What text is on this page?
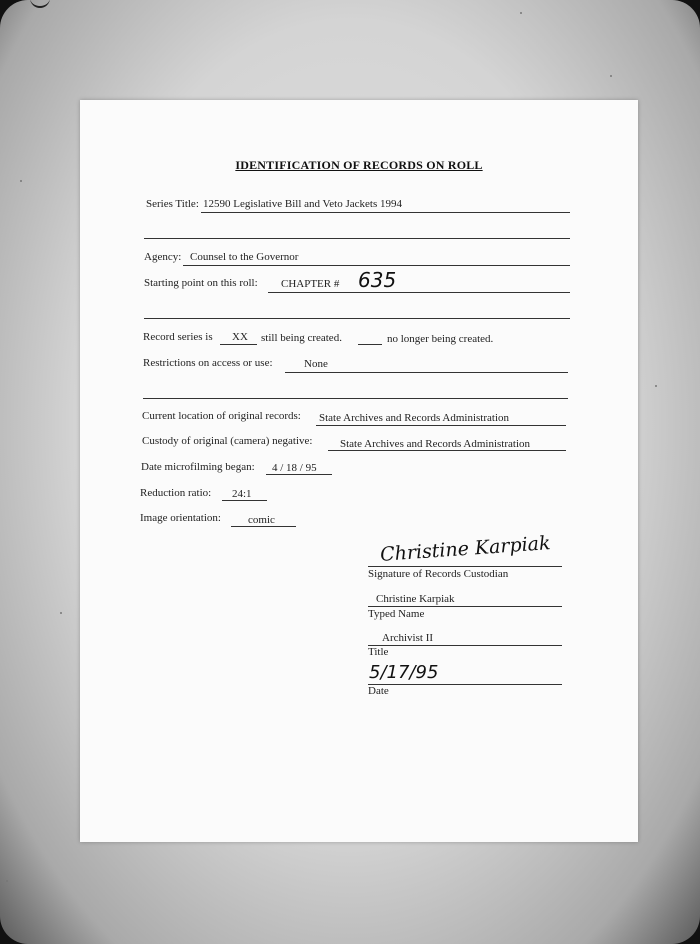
IDENTIFICATION OF RECORDS ON ROLL
Series Title: 12590 Legislative Bill and Veto Jackets 1994
Agency: Counsel to the Governor
Starting point on this roll: CHAPTER # 635
Record series is XX still being created.	no longer being created.
Restrictions on access or use:	None
Current location of original records: State Archives and Records Administration
Custody of original (camera) negative:	State Archives and Records Administration
Date microfilming began: 4 / 18 / 95
Reduction ratio: 24:1
Image orientation: comic
Christine Karpiak
Signature of Records Custodian
Christine Karpiak
Typed Name
Archivist II
Title
5/17/95
Date
